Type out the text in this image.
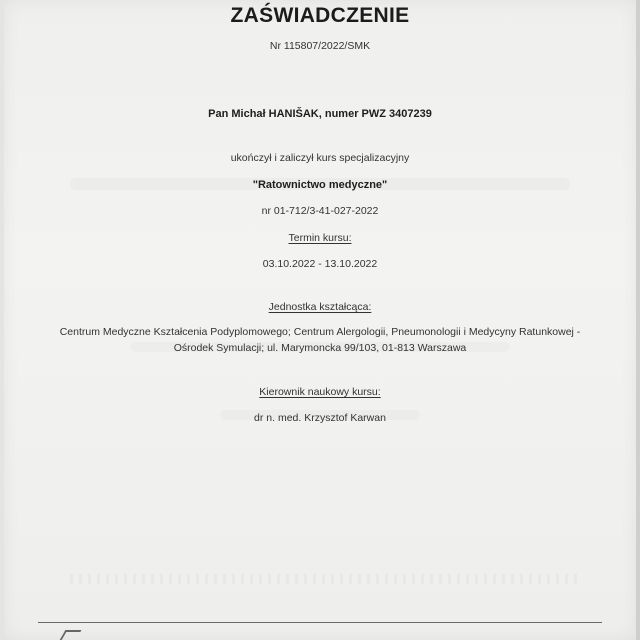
ZAŚWIADCZENIE
Nr 115807/2022/SMK
Pan Michał HANIŠAK, numer PWZ 3407239
ukończył i zaliczył kurs specjalizacyjny
"Ratownictwo medyczne"
nr 01-712/3-41-027-2022
Termin kursu:
03.10.2022 - 13.10.2022
Jednostka kształcąca:
Centrum Medyczne Kształcenia Podyplomowego; Centrum Alergologii, Pneumonologii i Medycyny Ratunkowej -
Ośrodek Symulacji; ul. Marymoncka 99/103, 01-813 Warszawa
Kierownik naukowy kursu:
dr n. med. Krzysztof Karwan
